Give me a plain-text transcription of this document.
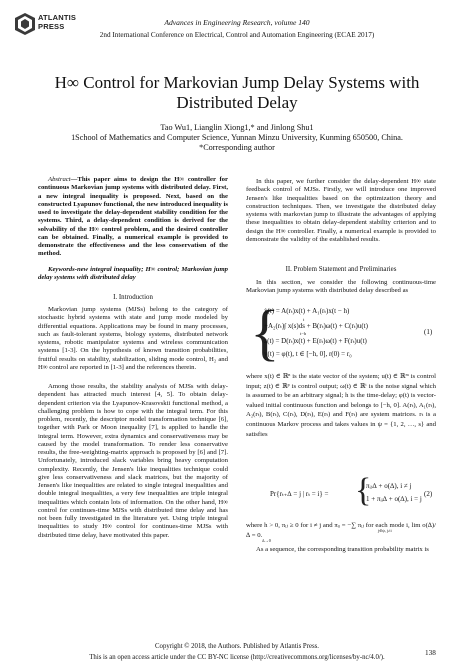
ATLANTIS
PRESS	Advances in Engineering Research, volume 140
2nd International Conference on Electrical, Control and Automation Engineering (ECAE 2017)
H∞ Control for Markovian Jump Delay Systems with
Distributed Delay
Tao Wu1, Lianglin Xiong1,* and Jinlong Shu1
1School of Mathematics and Computer Science, Yunnan Minzu University, Kunming 650500, China.
*Corresponding author
Abstract—This paper aims to design the H∞ controller for continuous Markovian jump systems with distributed delay. First, a new integral inequality is proposed. Next, based on the constructed Lyapunov functional, the new introduced inequality is used to investigate the delay-dependent stability condition for the systems. Third, a delay-dependent condition is derived for the solvability of the H∞ control problem, and the desired controller can be obtained. Finally, a numerical example is provided to demonstrate the effectiveness and the less conservatism of the method.
Keywords-new integral inequality; H∞ control; Markovian jump delay systems with distributed delay
I. Introduction
Markovian jump systems (MJSs) belong to the category of stochastic hybrid systems with state and jump mode modeled by differential equations. Applications may be found in many processes, such as fault-tolerant systems, biology systems, distributed network systems, robotic manipulator systems and wireless communication systems [1-3]. On the hypothesis of known transition probabilities, fruitful results on stability, stabilization, sliding mode control, H₂ and H∞ control are reported in [1-3] and the references therein.
Among those results, the stability analysis of MJSs with delay-dependent has attracted much interest [4, 5]. To obtain delay-dependent criterion via the Lyapunov-Krasovskii functional method, a challenging problem is how to cope with the integral term. For this problem, recently, the descriptor model transformation technique [6], together with Park or Moon inequality [7], is applied to handle the integral term. However, extra dynamics and conservativeness may be caused by the model transformation. To render less conservative results, the free-weighting-matrix approach is proposed by [6] and [7]. Unfortunately, introduced slack variables bring heavy computation complexity. Recently, the Jensen's like inequalities technique could give less conservativeness and slack matrices, but the majority of Jensen's like inequalities are related to single integral inequalities and double integral inequalities, a very few inequalities are triple integral inequalities which contain lots of information. On the other hand, H∞ control for continues-time MJSs with distributed time delay and has not been fully investigated in the literature yet. Using triple integral inequalities to study H∞ control for continues-time MJSs with distributed time delay, have motivated this paper.
In this paper, we further consider the delay-dependent H∞ state feedback control of MJSs. Firstly, we will introduce one improved Jensen's like inequalities based on the optimization theory and construction techniques. Then, we investigate the distributed delay systems with markovian jump to illustrate the advantages of applying these inequalities to obtain delay-dependent stability criterion and to design the H∞ controller. Finally, a numerical example is provided to demonstrate the validity of the established results.
II. Problem Statement and Preliminaries
In this section, we consider the following continuous-time Markovian jump systems with distributed delay described as
{
ẋ(t) = A(rₜ)x(t) + A₁(rₜ)x(t − h)
+A₂(rₜ)∫ x(s)ds + B(rₜ)ω(t) + C(rₜ)u(t)
t
t−h
z(t) = D(rₜ)x(t) + E(rₜ)ω(t) + F(rₜ)u(t)
y(t) = φ(t), t ∈ [−h, 0], r(0) = r₀
(1)
where x(t) ∈ ℝⁿ is the state vector of the system; u(t) ∈ ℝᵐ is control input; z(t) ∈ ℝᵖ is control output; ω(t) ∈ ℝᵗ is the noise signal which is assumed to be an arbitrary signal; h is the time-delay; φ(t) is vector-valued initial continuous function and belongs to [−h, 0]. A(rₜ), A₁(rₜ), A₂(rₜ), B(rₜ), C(rₜ), D(rₜ), E(rₜ) and F(rₜ) are system matrices. rₜ is a continuous Markov process and takes values in ψ = {1, 2, …, s} and satisfies
Pr{rₜ₊∆ = j | rₜ = i} = {
πᵢⱼ∆ + o(∆), i ≠ j
1 + πᵢᵢ∆ + o(∆), i = j
(2)
where h > 0, πᵢⱼ ≥ 0 for i ≠ j and πᵢᵢ = −∑ πᵢⱼ for each mode i, lim o(∆)/∆ = 0.
j∈ψ, j≠i
∆→0
As a sequence, the corresponding transition probability matrix is
Copyright © 2018, the Authors. Published by Atlantis Press.
This is an open access article under the CC BY-NC license (http://creativecommons.org/licenses/by-nc/4.0/).
138
